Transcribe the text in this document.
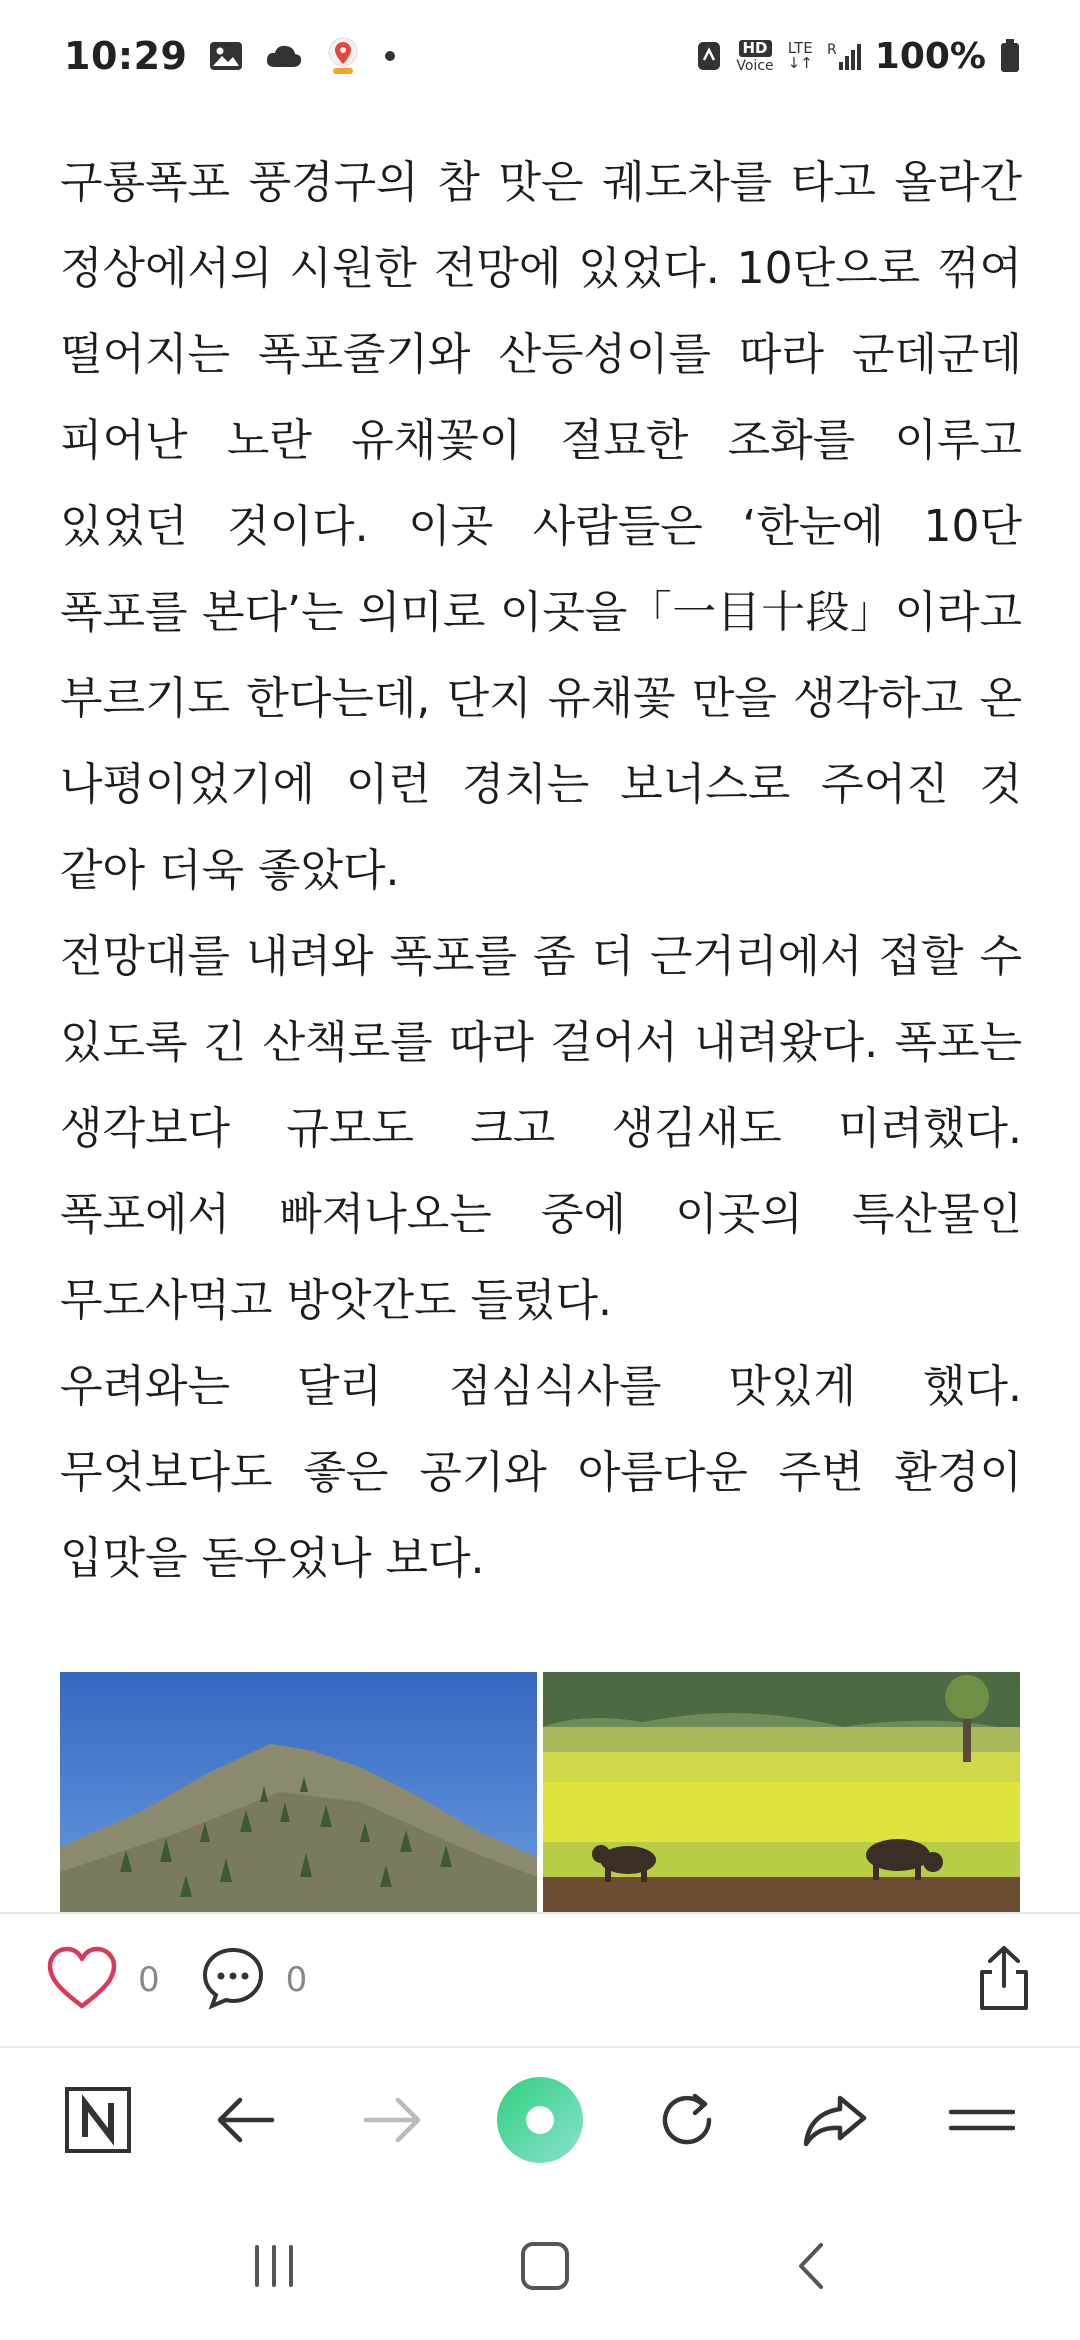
10:29	HD
Voice
LTE
↓↑
R 100%

구룡폭포 풍경구의 참 맛은 궤도차를 타고 올라간 정상에서의 시원한 전망에 있었다. 10단으로 꺾여 떨어지는 폭포줄기와 산등성이를 따라 군데군데 피어난 노란 유채꽃이 절묘한 조화를 이루고 있었던 것이다. 이곳 사람들은 ‘한눈에 10단 폭포를 본다’는 의미로 이곳을「一目十段」이라고 부르기도 한다는데, 단지 유채꽃 만을 생각하고 온 나평이었기에 이런 경치는 보너스로 주어진 것 같아 더욱 좋았다.

전망대를 내려와 폭포를 좀 더 근거리에서 접할 수 있도록 긴 산책로를 따라 걸어서 내려왔다. 폭포는 생각보다 규모도 크고 생김새도 미려했다. 폭포에서 빠져나오는 중에 이곳의 특산물인 무도사먹고 방앗간도 들렀다.

우려와는 달리 점심식사를 맛있게 했다. 무엇보다도 좋은 공기와 아름다운 주변 환경이 입맛을 돋우었나 보다.

0	0
